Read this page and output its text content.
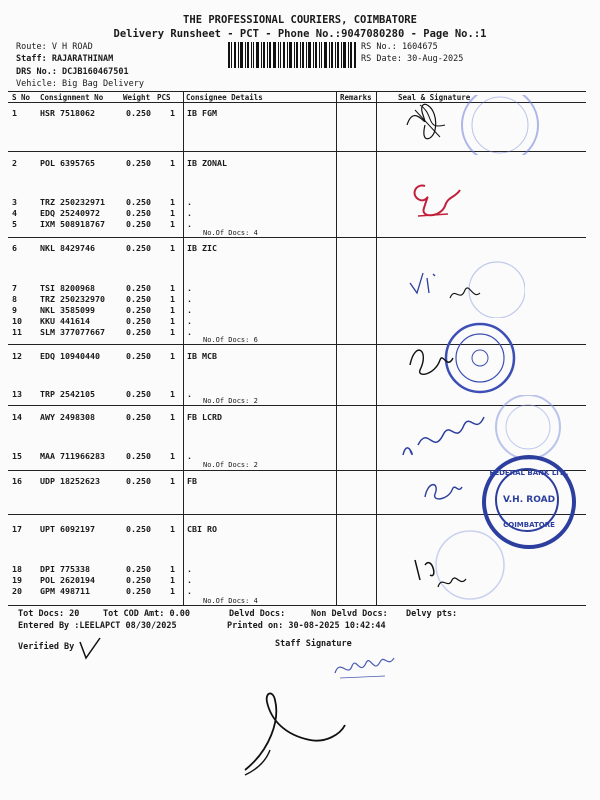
THE PROFESSIONAL COURIERS, COIMBATORE
Delivery Runsheet - PCT - Phone No.:9047080280 - Page No.:1
Route: V H ROAD
Staff: RAJARATHINAM
DRS No.: DCJB160467501
Vehicle: Big Bag Delivery
RS No.: 1604675
RS Date: 30-Aug-2025
S No Consignment No	Weight PCS Consignee Details	Remarks	Seal & Signature
1	HSR 7518062	0.250 1 IB FGM
2	POL 6395765	0.250 1 IB ZONAL
3	TRZ 250232971	0.250 1 .
4	EDQ 25240972	0.250 1 .
5	IXM 508918767	0.250 1 .
6	NKL 8429746	0.250 1 IB ZIC
7	TSI 8200968	0.250 1 .
8	TRZ 250232970	0.250 1 .
9	NKL 3585099	0.250 1 .
10 KKU 441614	0.250 1 .
11 SLM 377077667	0.250 1 .
12 EDQ 10940440	0.250 1 IB MCB
13 TRP 2542105	0.250 1 .
14 AWY 2498308	0.250 1 FB LCRD
15 MAA 711966283	0.250 1 .
16 UDP 18252623	0.250 1 FB
17 UPT 6092197	0.250 1 CBI RO
18 DPI 775338	0.250 1 .
19 POL 2620194	0.250 1 .
20 GPM 498711	0.250 1 .
No.Of Docs: 4
No.Of Docs: 6
No.Of Docs: 2
No.Of Docs: 2
No.Of Docs: 4
FEDERAL BANK LTD.
V.H. ROAD
COIMBATORE
Tot Docs: 20	Tot COD Amt: 0.00	Delvd Docs:	Non Delvd Docs: Delvy pts:
Entered By :LEELAPCT 08/30/2025	Printed on: 30-08-2025 10:42:44
Verified By	Staff Signature
